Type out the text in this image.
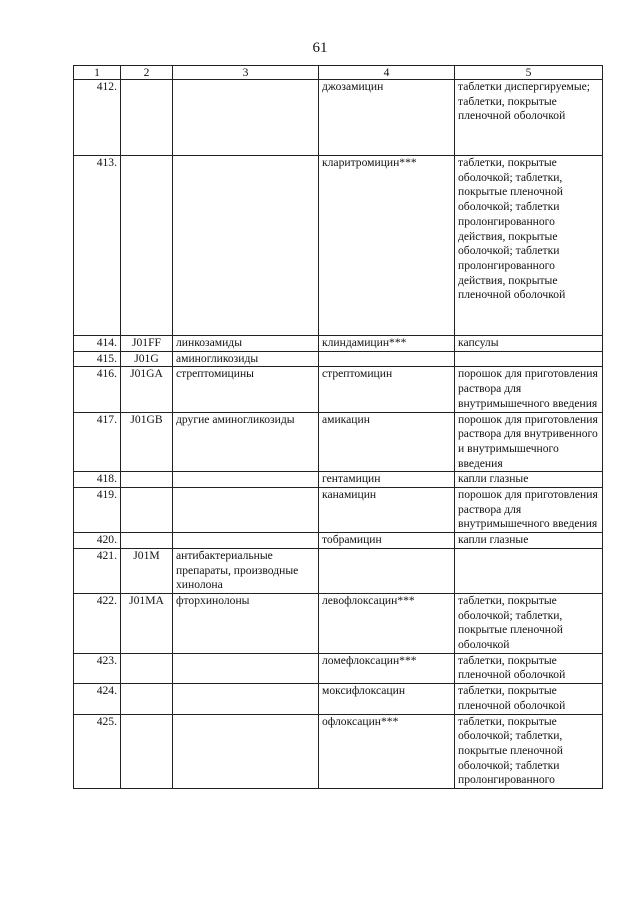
61
1	2	3	4	5
412.			джозамицин	таблетки диспергируемые; таблетки, покрытые пленочной оболочкой
413.			кларитромицин***	таблетки, покрытые оболочкой; таблетки, покрытые пленочной оболочкой; таблетки пролонгированного действия, покрытые оболочкой; таблетки пролонгированного действия, покрытые пленочной оболочкой
414.	J01FF	линкозамиды	клиндамицин***	капсулы
415.	J01G	аминогликозиды		
416.	J01GA	стрептомицины	стрептомицин	порошок для приготовления раствора для внутримышечного введения
417.	J01GB	другие аминогликозиды	амикацин	порошок для приготовления раствора для внутривенного и внутримышечного введения
418.			гентамицин	капли глазные
419.			канамицин	порошок для приготовления раствора для внутримышечного введения
420.			тобрамицин	капли глазные
421.	J01M	антибактериальные препараты, производные хинолона		
422.	J01MA	фторхинолоны	левофлоксацин***	таблетки, покрытые оболочкой; таблетки, покрытые пленочной оболочкой
423.			ломефлоксацин***	таблетки, покрытые пленочной оболочкой
424.			моксифлоксацин	таблетки, покрытые пленочной оболочкой
425.			офлоксацин***	таблетки, покрытые оболочкой; таблетки, покрытые пленочной оболочкой; таблетки пролонгированного
